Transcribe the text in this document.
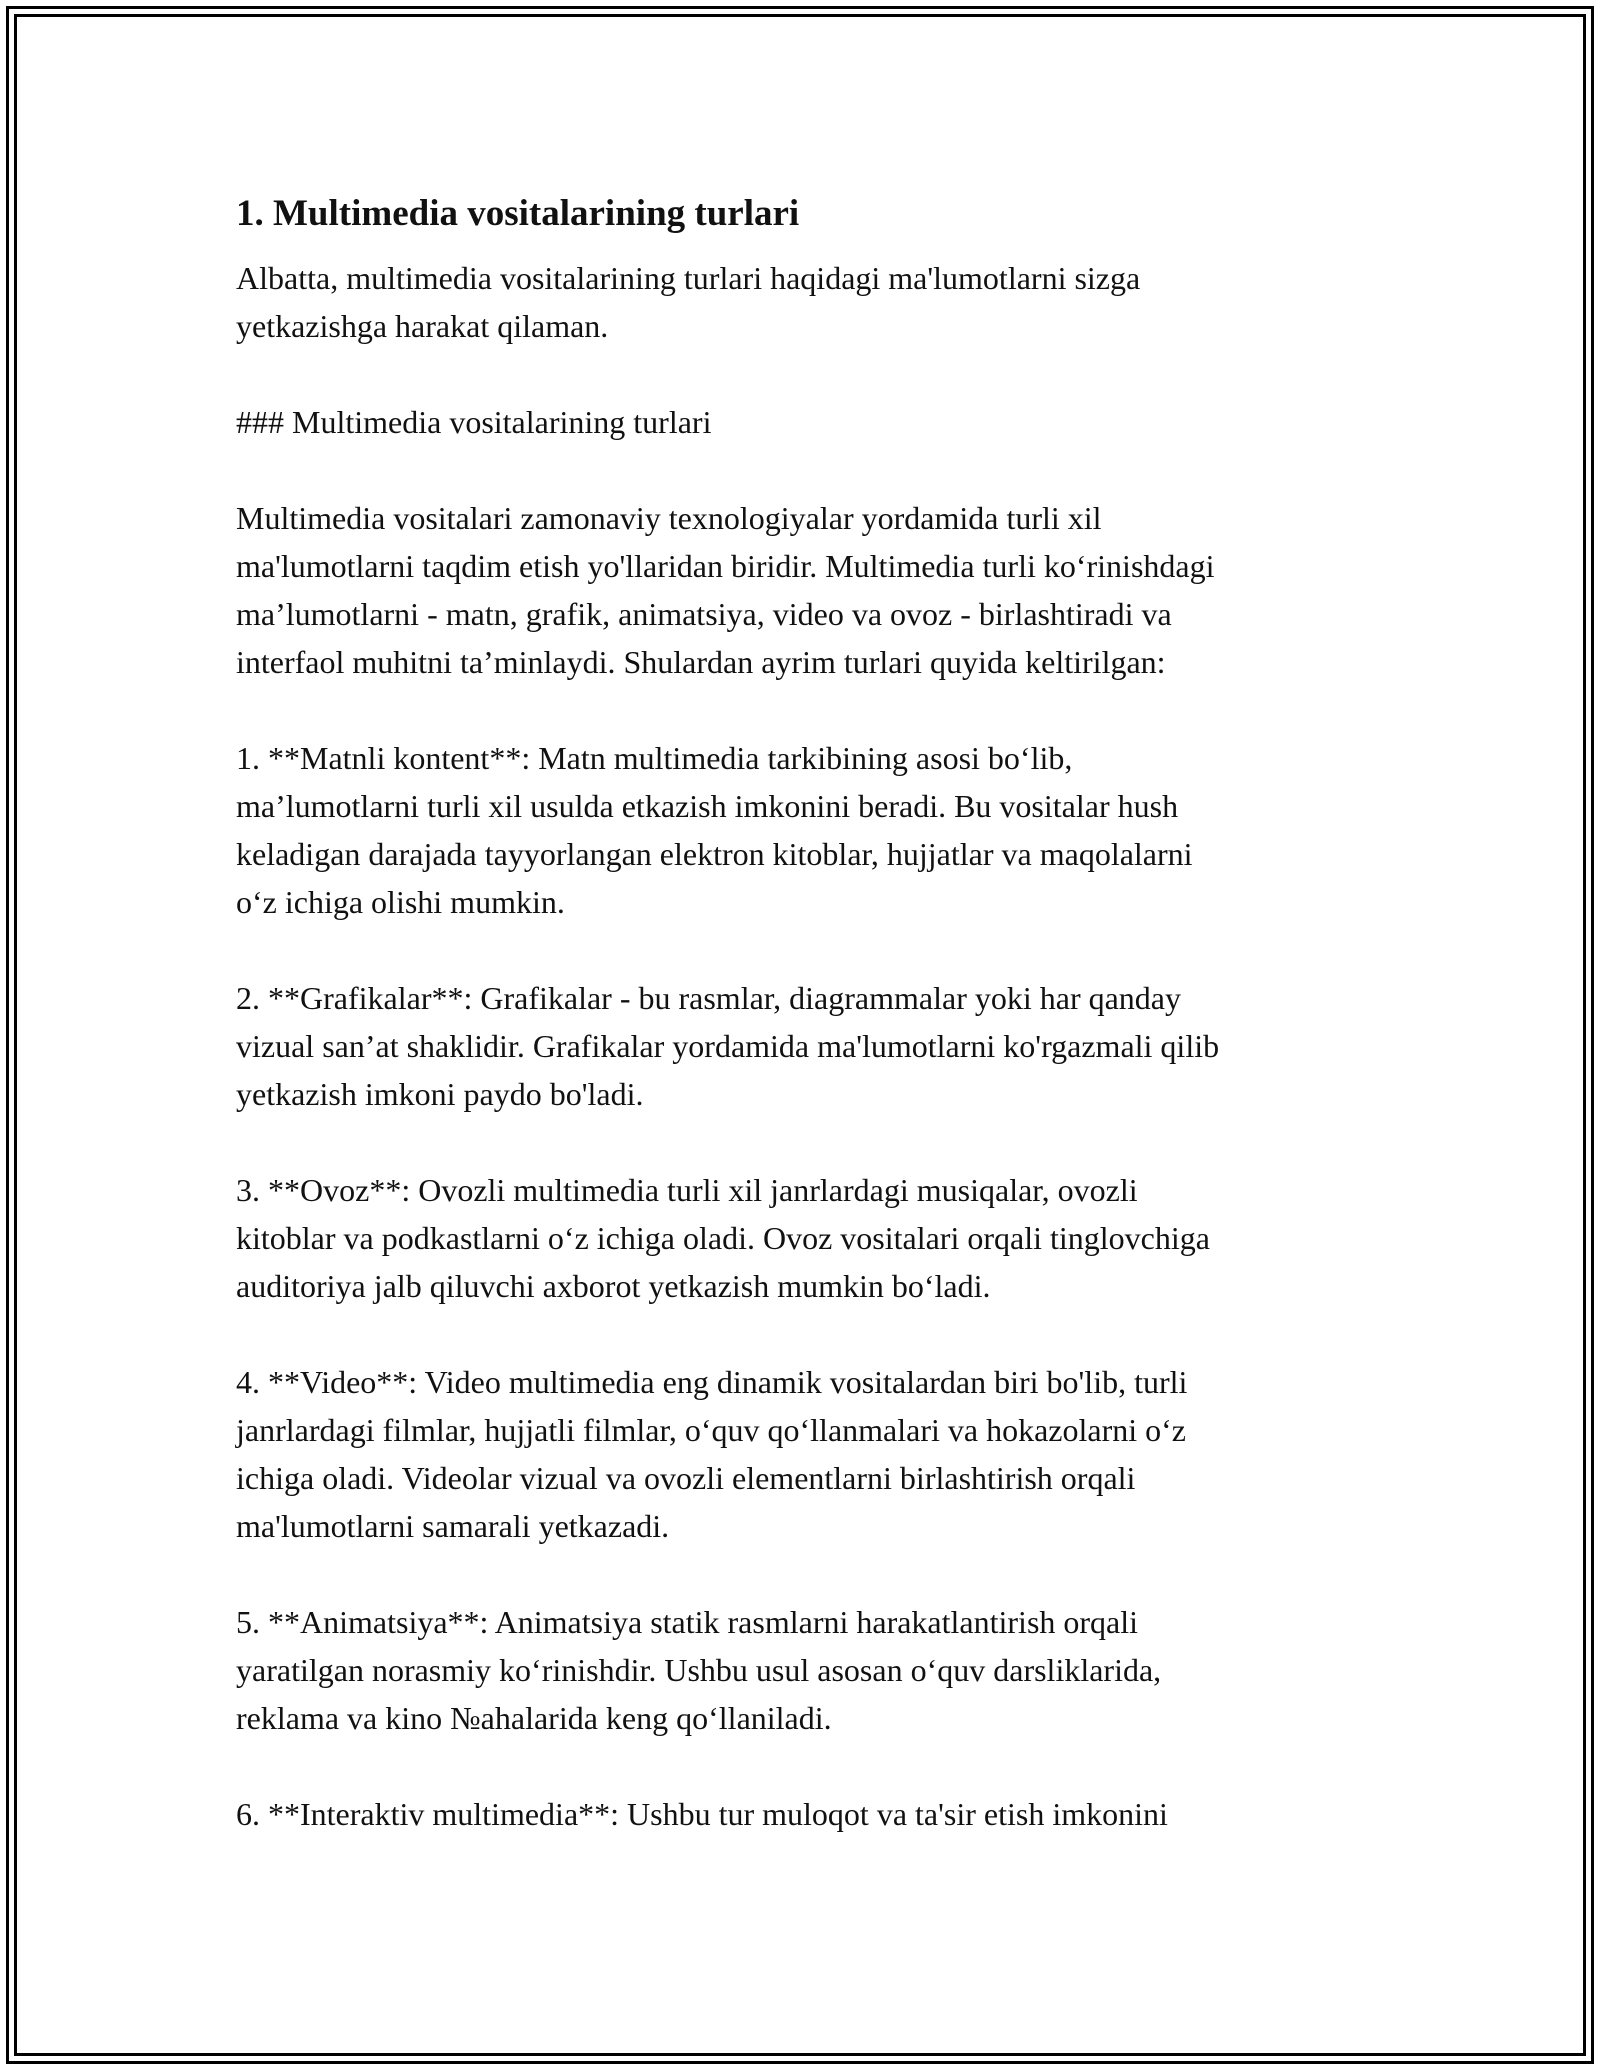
1. Multimedia vositalarining turlari

Albatta, multimedia vositalarining turlari haqidagi ma'lumotlarni sizga
yetkazishga harakat qilaman.

### Multimedia vositalarining turlari

Multimedia vositalari zamonaviy texnologiyalar yordamida turli xil
ma'lumotlarni taqdim etish yo'llaridan biridir. Multimedia turli ko‘rinishdagi
ma’lumotlarni - matn, grafik, animatsiya, video va ovoz - birlashtiradi va
interfaol muhitni ta’minlaydi. Shulardan ayrim turlari quyida keltirilgan:

1. **Matnli kontent**: Matn multimedia tarkibining asosi bo‘lib,
ma’lumotlarni turli xil usulda etkazish imkonini beradi. Bu vositalar hush
keladigan darajada tayyorlangan elektron kitoblar, hujjatlar va maqolalarni
o‘z ichiga olishi mumkin.

2. **Grafikalar**: Grafikalar - bu rasmlar, diagrammalar yoki har qanday
vizual san’at shaklidir. Grafikalar yordamida ma'lumotlarni ko'rgazmali qilib
yetkazish imkoni paydo bo'ladi.

3. **Ovoz**: Ovozli multimedia turli xil janrlardagi musiqalar, ovozli
kitoblar va podkastlarni o‘z ichiga oladi. Ovoz vositalari orqali tinglovchiga
auditoriya jalb qiluvchi axborot yetkazish mumkin bo‘ladi.

4. **Video**: Video multimedia eng dinamik vositalardan biri bo'lib, turli
janrlardagi filmlar, hujjatli filmlar, o‘quv qo‘llanmalari va hokazolarni o‘z
ichiga oladi. Videolar vizual va ovozli elementlarni birlashtirish orqali
ma'lumotlarni samarali yetkazadi.

5. **Animatsiya**: Animatsiya statik rasmlarni harakatlantirish orqali
yaratilgan norasmiy ko‘rinishdir. Ushbu usul asosan o‘quv darsliklarida,
reklama va kino №ahalarida keng qo‘llaniladi.

6. **Interaktiv multimedia**: Ushbu tur muloqot va ta'sir etish imkonini
